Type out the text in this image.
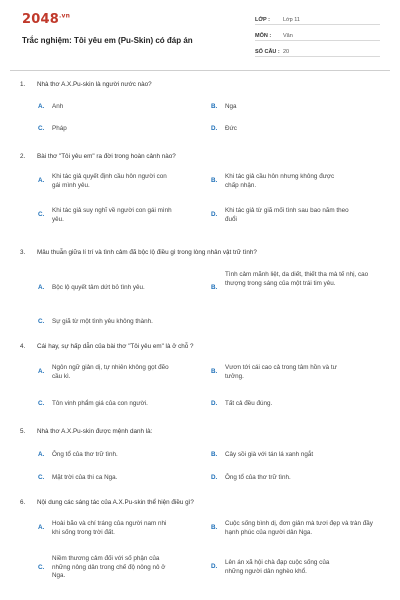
$2048^{.vn}$
Trắc nghiệm: Tôi yêu em (Pu-Skin) có đáp án
LỚP : Lớp 11
MÔN : Văn
SỐ CÂU : 20
1. Nhà thơ A.X.Pu-skin là người nước nào?
A. Anh	B. Nga
C. Pháp	D. Đức
2. Bài thơ "Tôi yêu em" ra đời trong hoàn cảnh nào?
A.
Khi tác giả quyết định cầu hôn người con gái mình yêu.
B.
Khi tác giả cầu hôn nhưng không được chấp nhận.
C.
Khi tác giả suy nghĩ về người con gái mình yêu.
D.
Khi tác giả từ giã mối tình sau bao năm theo đuổi
3. Mâu thuẫn giữa lí trí và tình cảm đã bộc lộ điều gì trong lòng nhân vật trữ tình?
A. Bộc lộ quyết tâm dứt bỏ tình yêu.	B.
Tình cảm mãnh liệt, da diết, thiết tha mà tế nhị, cao thượng trong sáng của một trái tim yêu.
C. Sự giã từ một tình yêu không thành.
4. Cái hay, sự hấp dẫn của bài thơ "Tôi yêu em" là ở chỗ ?
A.
Ngôn ngữ giản dị, tự nhiên không gọt đẽo cầu kì.
B.
Vươn tới cái cao cả trong tâm hồn và tư tưởng.
C. Tôn vinh phẩm giá của con người.	D. Tất cả đều đúng.
5. Nhà thơ A.X.Pu-skin được mệnh danh là:
A. Ông tổ của thơ trữ tình.	B. Cây sồi già với tán lá xanh ngắt
C. Mặt trời của thi ca Nga.	D. Ông tổ của thơ trữ tình.
6. Nội dung các sáng tác của A.X.Pu-skin thể hiện điều gì?
A.
Hoài bão và chí tráng của người nam nhi khi sống trong trời đất.
B.
Cuộc sống bình dị, đơn giản mà tươi đẹp và tràn đầy hạnh phúc của người dân Nga.
C.
Niềm thương cảm đối với số phận của những nông dân trong chế độ nông nô ở Nga.
D.
Lên án xã hội chà đạp cuộc sống của những người dân nghèo khổ.
